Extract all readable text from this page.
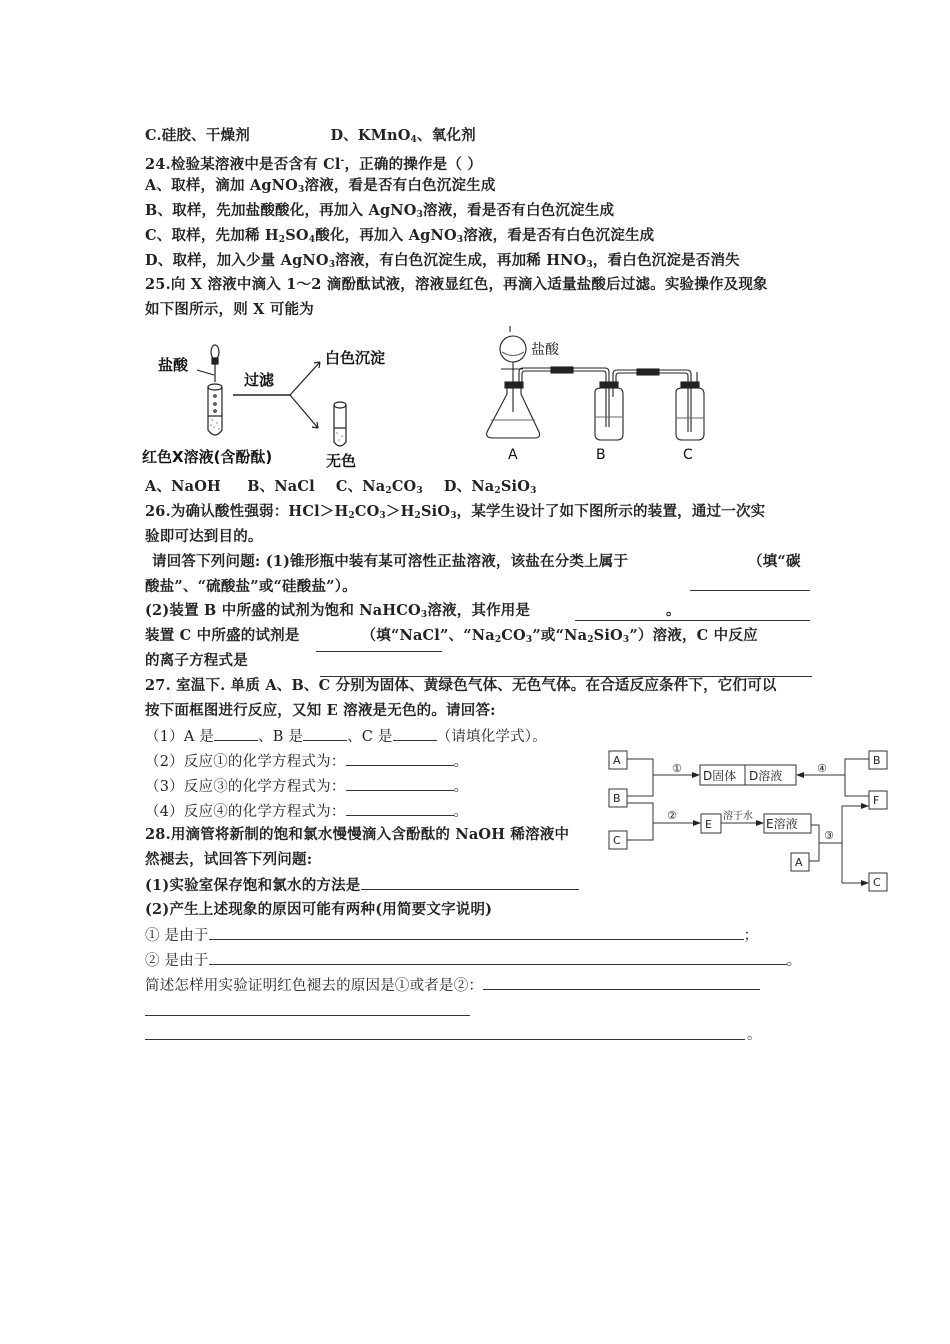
C.硅胶、干燥剂	D、KMnO$_4$、氧化剂
24.检验某溶液中是否含有 Cl-，正确的操作是（ ）
A、取样，滴加 AgNO$_3$溶液，看是否有白色沉淀生成
B、取样，先加盐酸酸化，再加入 AgNO$_3$溶液，看是否有白色沉淀生成
C、取样，先加稀 $H_2SO_4$酸化，再加入 AgNO$_3$溶液，看是否有白色沉淀生成
D、取样，加入少量 AgNO$_3$溶液，有白色沉淀生成，再加稀 $HNO_3$，看白色沉淀是否消失
25.向 X 溶液中滴入 1～2 滴酚酞试液，溶液显红色，再滴入适量盐酸后过滤。实验操作及现象
如下图所示，则 X 可能为
盐酸
过滤
白色沉淀
无色
红色X溶液(含酚酞)
盐酸
A	B	C
A、NaOH B、NaCl C、$Na_2CO_3$ D、$Na_2SiO_3$
26.为确认酸性强弱：$HCl>H_2CO_3>H_2SiO_3$，某学生设计了如下图所示的装置，通过一次实
验即可达到目的。
请回答下列问题: (1)锥形瓶中装有某可溶性正盐溶液，该盐在分类上属于	（填“碳
酸盐”、“硫酸盐”或“硅酸盐”）。
(2)装置 B 中所盛的试剂为饱和 NaHCO$_3$溶液，其作用是	。
装置 C 中所盛的试剂是	（填“NaCl”、“$Na_2CO_3$”或“$Na_2SiO_3$”）溶液，C 中反应
的离子方程式是
27. 室温下. 单质 A、B、C 分别为固体、黄绿色气体、无色气体。在合适反应条件下，它们可以
按下面框图进行反应，又知 E 溶液是无色的。请回答:
（1）A 是	、B 是	、C 是	（请填化学式）。
（2）反应①的化学方程式为：	。
（3）反应③的化学方程式为：	。
（4）反应④的化学方程式为：	。
A
B
C
D固体 D溶液
E	E溶液
A
B
F
C
①
②
③
④
溶于水
28.用滴管将新制的饱和氯水慢慢滴入含酚酞的 NaOH 稀溶液中
然褪去，试回答下列问题:
(1)实验室保存饱和氯水的方法是
(2)产生上述现象的原因可能有两种(用简要文字说明)
① 是由于	；
② 是由于	。
简述怎样用实验证明红色褪去的原因是①或者是②：
。
